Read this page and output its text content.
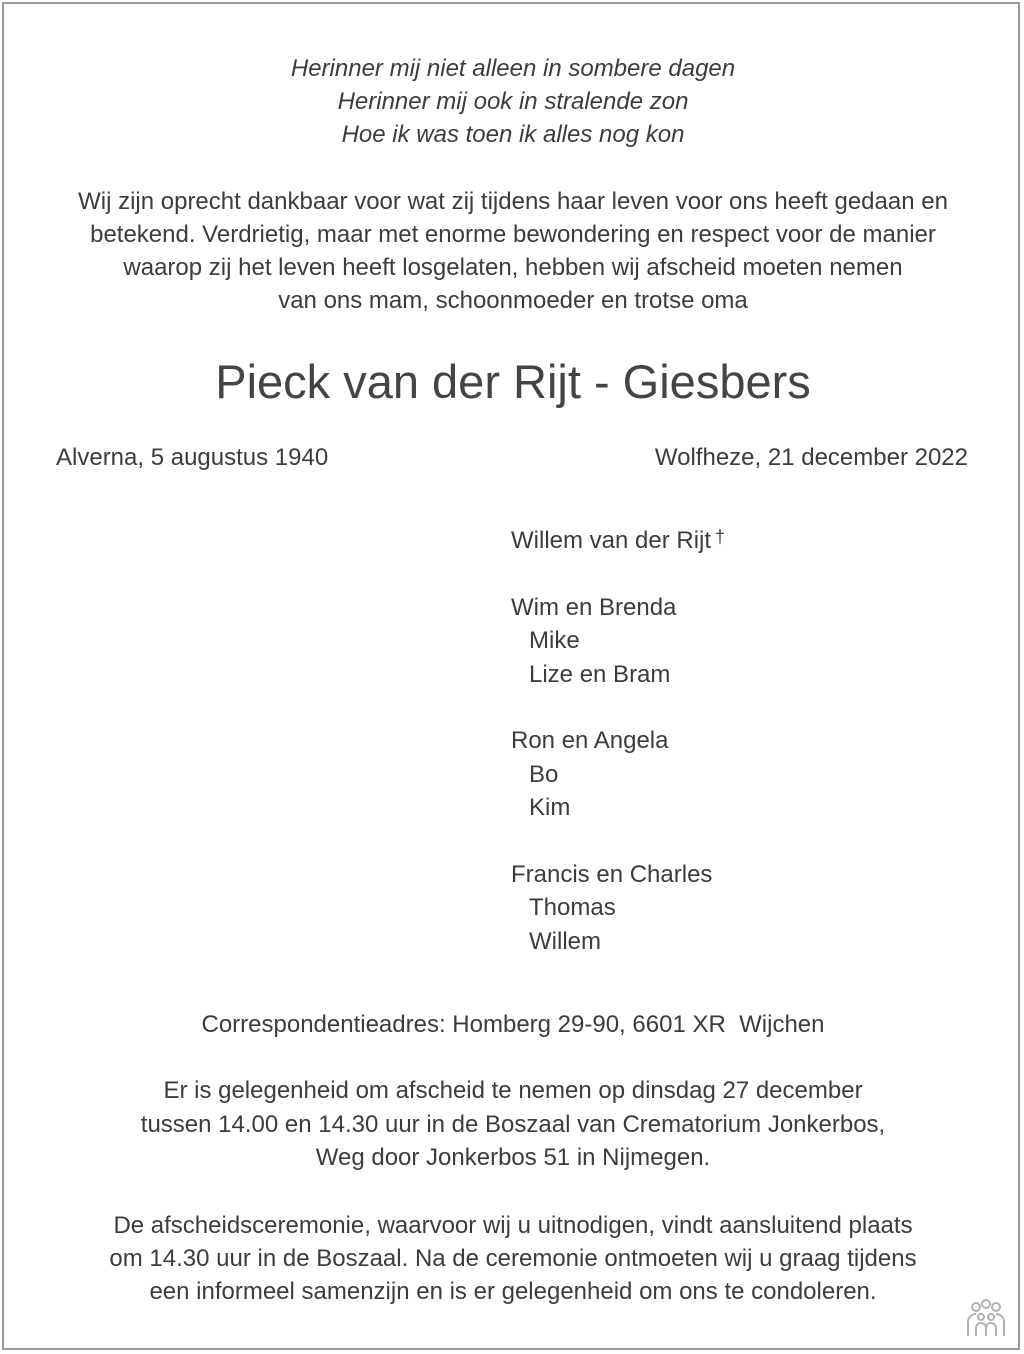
Herinner mij niet alleen in sombere dagen
Herinner mij ook in stralende zon
Hoe ik was toen ik alles nog kon
Wij zijn oprecht dankbaar voor wat zij tijdens haar leven voor ons heeft gedaan en
betekend. Verdrietig, maar met enorme bewondering en respect voor de manier
waarop zij het leven heeft losgelaten, hebben wij afscheid moeten nemen
van ons mam, schoonmoeder en trotse oma
Pieck van der Rijt - Giesbers
Alverna, 5 augustus 1940	Wolfheze, 21 december 2022
Willem van der Rijt †
Wim en Brenda
Mike
Lize en Bram
Ron en Angela
Bo
Kim
Francis en Charles
Thomas
Willem
Correspondentieadres: Homberg 29-90, 6601 XR  Wijchen
Er is gelegenheid om afscheid te nemen op dinsdag 27 december
tussen 14.00 en 14.30 uur in de Boszaal van Crematorium Jonkerbos,
Weg door Jonkerbos 51 in Nijmegen.
De afscheidsceremonie, waarvoor wij u uitnodigen, vindt aansluitend plaats
om 14.30 uur in de Boszaal. Na de ceremonie ontmoeten wij u graag tijdens
een informeel samenzijn en is er gelegenheid om ons te condoleren.
